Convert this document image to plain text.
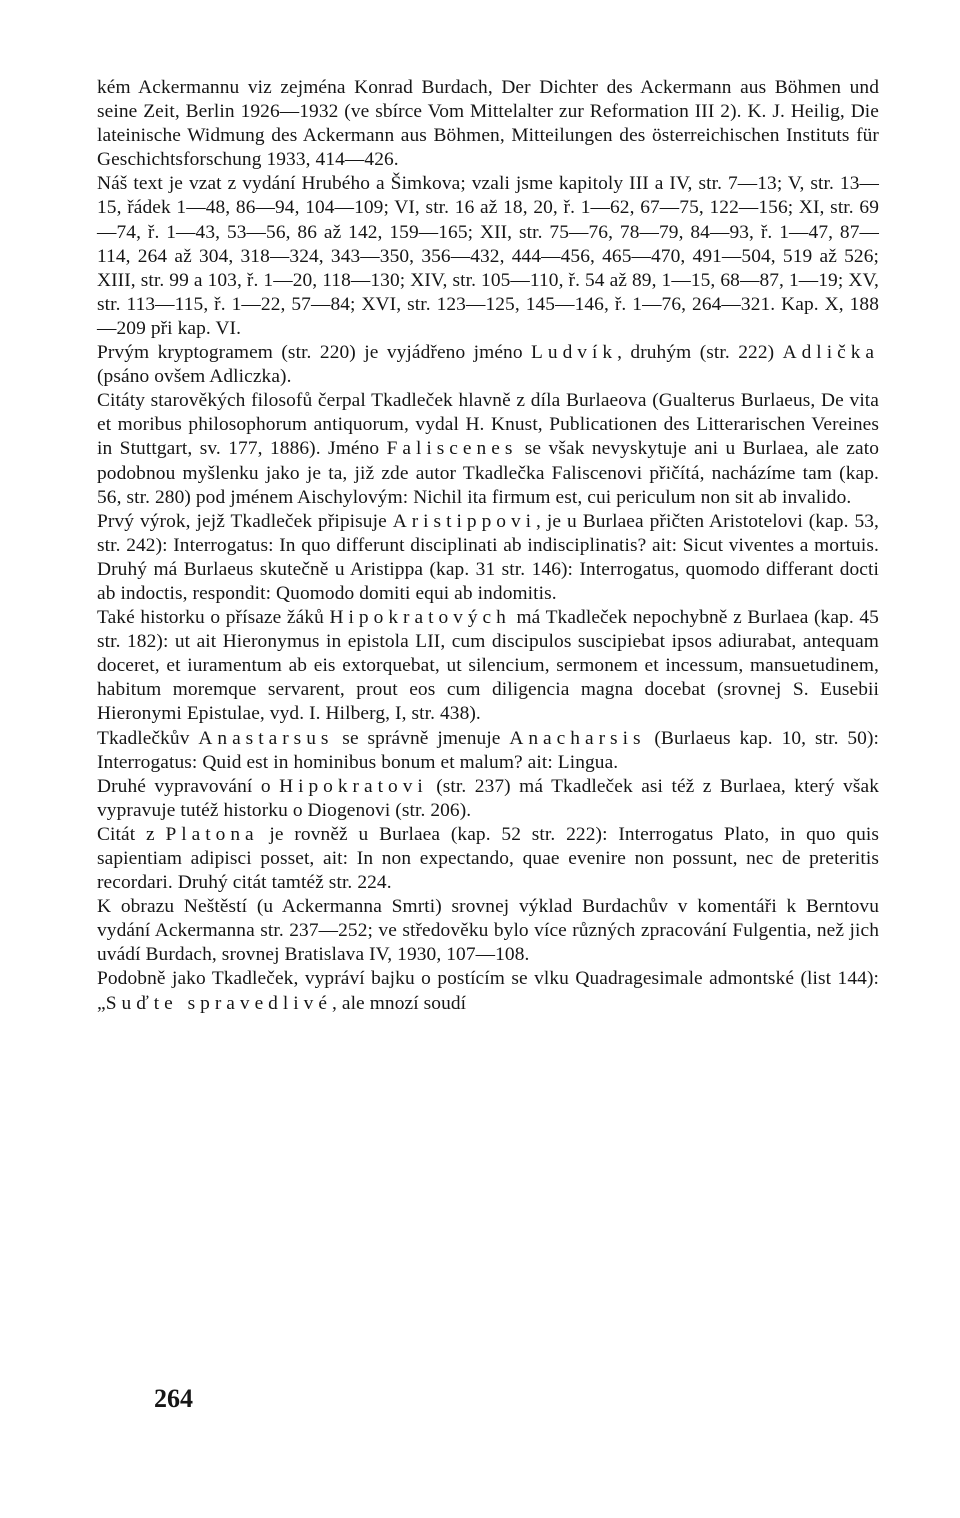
kém Ackermannu viz zejména Konrad Burdach, Der Dichter des Ackermann aus Böhmen und seine Zeit, Berlin 1926—1932 (ve sbírce Vom Mittelalter zur Reformation III 2). K. J. Heilig, Die lateinische Widmung des Ackermann aus Böhmen, Mitteilungen des österreichischen Instituts für Geschichtsforschung 1933, 414—426.

Náš text je vzat z vydání Hrubého a Šimkova; vzali jsme kapitoly III a IV, str. 7—13; V, str. 13—15, řádek 1—48, 86—94, 104—109; VI, str. 16 až 18, 20, ř. 1—62, 67—75, 122—156; XI, str. 69—74, ř. 1—43, 53—56, 86 až 142, 159—165; XII, str. 75—76, 78—79, 84—93, ř. 1—47, 87—114, 264 až 304, 318—324, 343—350, 356—432, 444—456, 465—470, 491—504, 519 až 526; XIII, str. 99 a 103, ř. 1—20, 118—130; XIV, str. 105—110, ř. 54 až 89, 1—15, 68—87, 1—19; XV, str. 113—115, ř. 1—22, 57—84; XVI, str. 123—125, 145—146, ř. 1—76, 264—321. Kap. X, 188—209 při kap. VI.

Prvým kryptogramem (str. 220) je vyjádřeno jméno Ludvík, druhým (str. 222) Adlička (psáno ovšem Adliczka).

Citáty starověkých filosofů čerpal Tkadleček hlavně z díla Burlaeova (Gualterus Burlaeus, De vita et moribus philosophorum antiquorum, vydal H. Knust, Publicationen des Litterarischen Vereines in Stuttgart, sv. 177, 1886). Jméno Faliscenes se však nevyskytuje ani u Burlaea, ale zato podobnou myšlenku jako je ta, již zde autor Tkadlečka Faliscenovi přičítá, nacházíme tam (kap. 56, str. 280) pod jménem Aischylovým: Nichil ita firmum est, cui periculum non sit ab invalido.

Prvý výrok, jejž Tkadleček připisuje Aristippovi, je u Burlaea přičten Aristotelovi (kap. 53, str. 242): Interrogatus: In quo differunt disciplinati ab indisciplinatis? ait: Sicut viventes a mortuis. Druhý má Burlaeus skutečně u Aristippa (kap. 31 str. 146): Interrogatus, quomodo differant docti ab indoctis, respondit: Quomodo domiti equi ab indomitis.

Také historku o přísaze žáků Hipokratových má Tkadleček nepochybně z Burlaea (kap. 45 str. 182): ut ait Hieronymus in epistola LII, cum discipulos suscipiebat ipsos adiurabat, antequam doceret, et iuramentum ab eis extorquebat, ut silencium, sermonem et incessum, mansuetudinem, habitum moremque servarent, prout eos cum diligencia magna docebat (srovnej S. Eusebii Hieronymi Epistulae, vyd. I. Hilberg, I, str. 438).

Tkadlečkův Anastarsus se správně jmenuje Anacharsis (Burlaeus kap. 10, str. 50): Interrogatus: Quid est in hominibus bonum et malum? ait: Lingua.

Druhé vypravování o Hipokratovi (str. 237) má Tkadleček asi též z Burlaea, který však vypravuje tutéž historku o Diogenovi (str. 206).

Citát z Platona je rovněž u Burlaea (kap. 52 str. 222): Interrogatus Plato, in quo quis sapientiam adipisci posset, ait: In non expectando, quae evenire non possunt, nec de preteritis recordari. Druhý citát tamtéž str. 224.

K obrazu Neštěstí (u Ackermanna Smrti) srovnej výklad Burdachův v komentáři k Berntovu vydání Ackermanna str. 237—252; ve středověku bylo více různých zpracování Fulgentia, než jich uvádí Burdach, srovnej Bratislava IV, 1930, 107—108.

Podobně jako Tkadleček, vypráví bajku o postícím se vlku Quadragesimale admontské (list 144): „Suďte spravedlivé, ale mnozí soudí

264
